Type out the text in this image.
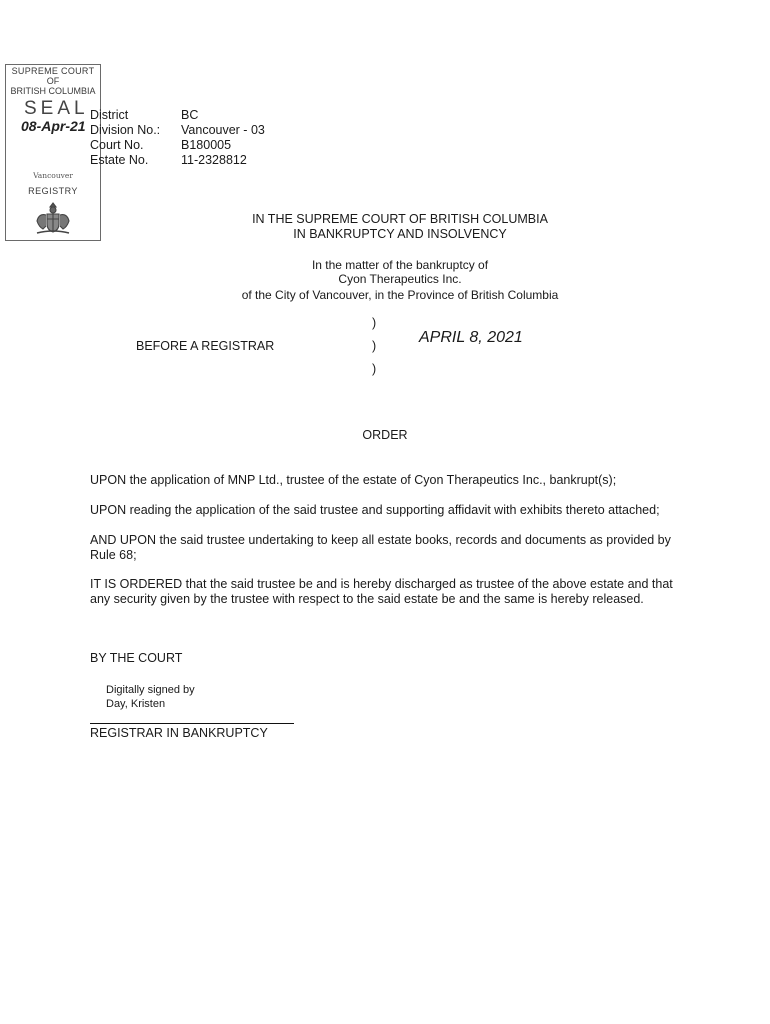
SUPREME COURT
OF
BRITISH COLUMBIA
SEAL
08-Apr-21
Vancouver
REGISTRY
District	BC
Division No.: Vancouver - 03
Court No.	B180005
Estate No.	11-2328812
IN THE SUPREME COURT OF BRITISH COLUMBIA
IN BANKRUPTCY AND INSOLVENCY
In the matter of the bankruptcy of
Cyon Therapeutics Inc.
of the City of Vancouver, in the Province of British Columbia
BEFORE A REGISTRAR
)
)
)
APRIL 8, 2021
ORDER
UPON the application of MNP Ltd., trustee of the estate of Cyon Therapeutics Inc., bankrupt(s);
UPON reading the application of the said trustee and supporting affidavit with exhibits thereto attached;
AND UPON the said trustee undertaking to keep all estate books, records and documents as provided by Rule 68;
IT IS ORDERED that the said trustee be and is hereby discharged as trustee of the above estate and that any security given by the trustee with respect to the said estate be and the same is hereby released.
BY THE COURT
Digitally signed by
Day, Kristen
REGISTRAR IN BANKRUPTCY
